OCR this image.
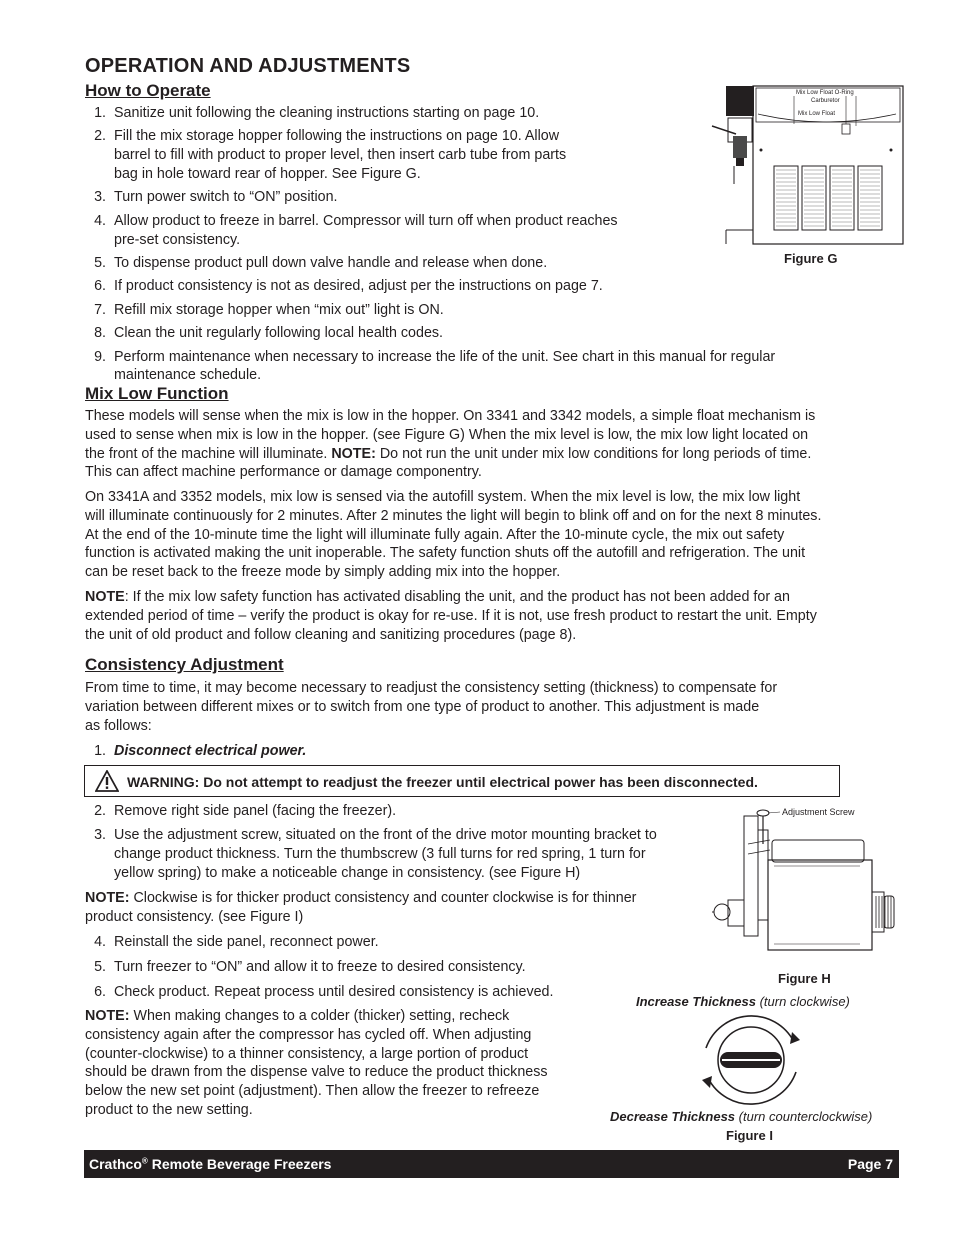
OPERATION AND ADJUSTMENTS
How to Operate
1. Sanitize unit following the cleaning instructions starting on page 10.
2. Fill the mix storage hopper following the instructions on page 10. Allow
barrel to fill with product to proper level, then insert carb tube from parts
bag in hole toward rear of hopper. See Figure G.
3. Turn power switch to “ON” position.
4. Allow product to freeze in barrel. Compressor will turn off when product reaches
pre-set consistency.
5. To dispense product pull down valve handle and release when done.
6. If product consistency is not as desired, adjust per the instructions on page 7.
7. Refill mix storage hopper when “mix out” light is ON.
8. Clean the unit regularly following local health codes.
9. Perform maintenance when necessary to increase the life of the unit. See chart in this manual for regular
maintenance schedule.
Mix Low Float O-Ring
Carburetor
Mix Low Float
Figure G
Mix Low Function
These models will sense when the mix is low in the hopper. On 3341 and 3342 models, a simple float mechanism is
used to sense when mix is low in the hopper. (see Figure G) When the mix level is low, the mix low light located on
the front of the machine will illuminate. NOTE: Do not run the unit under mix low conditions for long periods of time.
This can affect machine performance or damage componentry.
On 3341A and 3352 models, mix low is sensed via the autofill system. When the mix level is low, the mix low light
will illuminate continuously for 2 minutes. After 2 minutes the light will begin to blink off and on for the next 8 minutes.
At the end of the 10-minute time the light will illuminate fully again. After the 10-minute cycle, the mix out safety
function is activated making the unit inoperable. The safety function shuts off the autofill and refrigeration. The unit
can be reset back to the freeze mode by simply adding mix into the hopper.
NOTE: If the mix low safety function has activated disabling the unit, and the product has not been added for an
extended period of time – verify the product is okay for re-use. If it is not, use fresh product to restart the unit. Empty
the unit of old product and follow cleaning and sanitizing procedures (page 8).
Consistency Adjustment
From time to time, it may become necessary to readjust the consistency setting (thickness) to compensate for
variation between different mixes or to switch from one type of product to another. This adjustment is made
as follows:
1. Disconnect electrical power.
WARNING: Do not attempt to readjust the freezer until electrical power has been disconnected.
2. Remove right side panel (facing the freezer).
3. Use the adjustment screw, situated on the front of the drive motor mounting bracket to
change product thickness. Turn the thumbscrew (3 full turns for red spring, 1 turn for
yellow spring) to make a noticeable change in consistency. (see Figure H)
NOTE: Clockwise is for thicker product consistency and counter clockwise is for thinner
product consistency. (see Figure I)
4. Reinstall the side panel, reconnect power.
5. Turn freezer to “ON” and allow it to freeze to desired consistency.
6. Check product. Repeat process until desired consistency is achieved.
NOTE: When making changes to a colder (thicker) setting, recheck
consistency again after the compressor has cycled off. When adjusting
(counter-clockwise) to a thinner consistency, a large portion of product
should be drawn from the dispense valve to reduce the product thickness
below the new set point (adjustment). Then allow the freezer to refreeze
product to the new setting.
Adjustment Screw
Figure H
Increase Thickness (turn clockwise)
Decrease Thickness (turn counterclockwise)
Figure I
Crathco® Remote Beverage Freezers	Page 7
